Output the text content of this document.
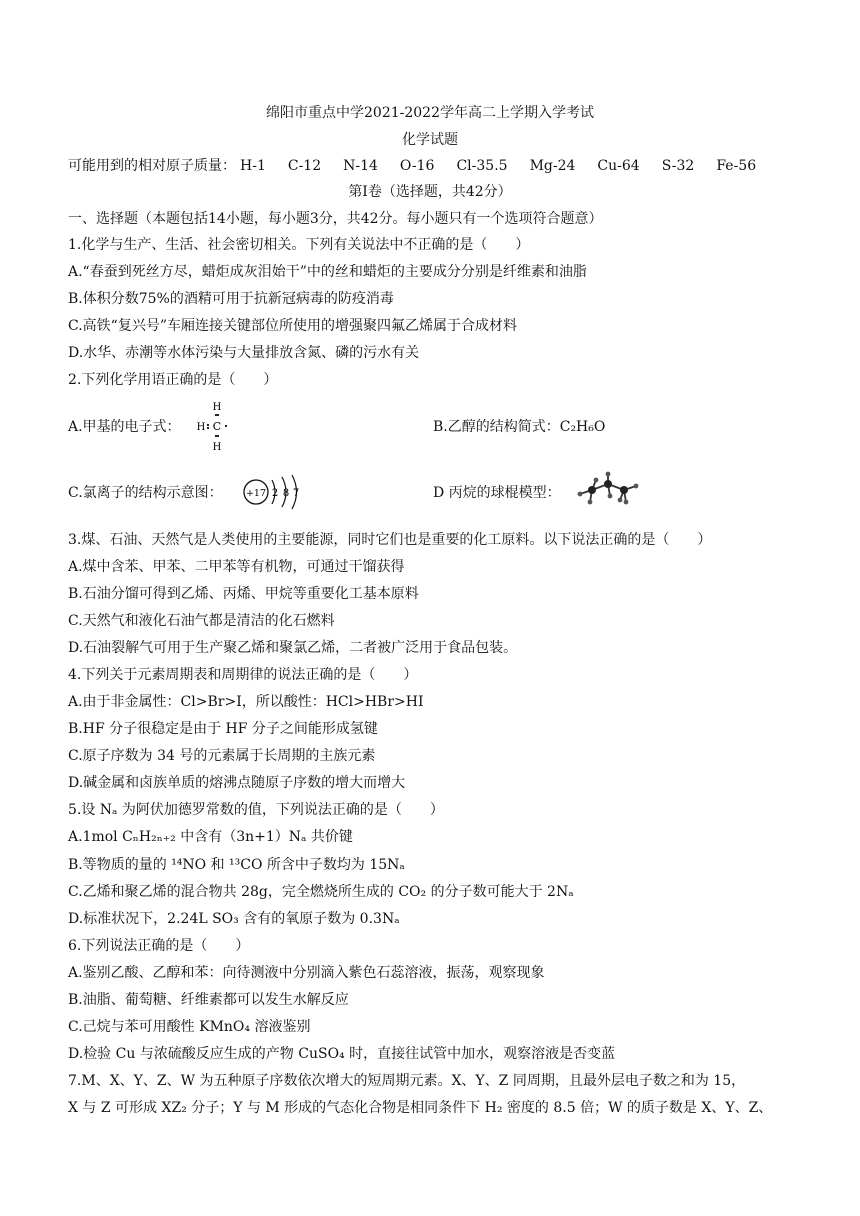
绵阳市重点中学2021-2022学年高二上学期入学考试
化学试题
可能用到的相对原子质量： H-1 C-12 N-14 O-16 Cl-35.5 Mg-24 Cu-64 S-32 Fe-56
第Ⅰ卷（选择题，共42分）
一、选择题（本题包括14小题，每小题3分，共42分。每小题只有一个选项符合题意）
1.化学与生产、生活、社会密切相关。下列有关说法中不正确的是（　　）
A.“春蚕到死丝方尽，蜡炬成灰泪始干”中的丝和蜡炬的主要成分分别是纤维素和油脂
B.体积分数75%的酒精可用于抗新冠病毒的防疫消毒
C.高铁“复兴号”车厢连接关键部位所使用的增强聚四氟乙烯属于合成材料
D.水华、赤潮等水体污染与大量排放含氮、磷的污水有关
2.下列化学用语正确的是（　　）
A.甲基的电子式：
H
H C
H
B.乙醇的结构简式：C₂H₆O
C.氯离子的结构示意图： +17 2 8 7	D 丙烷的球棍模型：
3.煤、石油、天然气是人类使用的主要能源，同时它们也是重要的化工原料。以下说法正确的是（　　）
A.煤中含苯、甲苯、二甲苯等有机物，可通过干馏获得
B.石油分馏可得到乙烯、丙烯、甲烷等重要化工基本原料
C.天然气和液化石油气都是清洁的化石燃料
D.石油裂解气可用于生产聚乙烯和聚氯乙烯，二者被广泛用于食品包装。
4.下列关于元素周期表和周期律的说法正确的是（　　）
A.由于非金属性：Cl>Br>I，所以酸性：HCl>HBr>HI
B.HF 分子很稳定是由于 HF 分子之间能形成氢键
C.原子序数为 34 号的元素属于长周期的主族元素
D.碱金属和卤族单质的熔沸点随原子序数的增大而增大
5.设 Nₐ 为阿伏加德罗常数的值，下列说法正确的是（　　）
A.1mol CₙH₂ₙ₊₂ 中含有（3n+1）Nₐ 共价键
B.等物质的量的 ¹⁴NO 和 ¹³CO 所含中子数均为 15Nₐ
C.乙烯和聚乙烯的混合物共 28g，完全燃烧所生成的 CO₂ 的分子数可能大于 2Nₐ
D.标准状况下，2.24L SO₃ 含有的氧原子数为 0.3Nₐ
6.下列说法正确的是（　　）
A.鉴别乙酸、乙醇和苯：向待测液中分别滴入紫色石蕊溶液，振荡，观察现象
B.油脂、葡萄糖、纤维素都可以发生水解反应
C.己烷与苯可用酸性 KMnO₄ 溶液鉴别
D.检验 Cu 与浓硫酸反应生成的产物 CuSO₄ 时，直接往试管中加水，观察溶液是否变蓝
7.M、X、Y、Z、W 为五种原子序数依次增大的短周期元素。X、Y、Z 同周期，且最外层电子数之和为 15，
X 与 Z 可形成 XZ₂ 分子；Y 与 M 形成的气态化合物是相同条件下 H₂ 密度的 8.5 倍；W 的质子数是 X、Y、Z、
